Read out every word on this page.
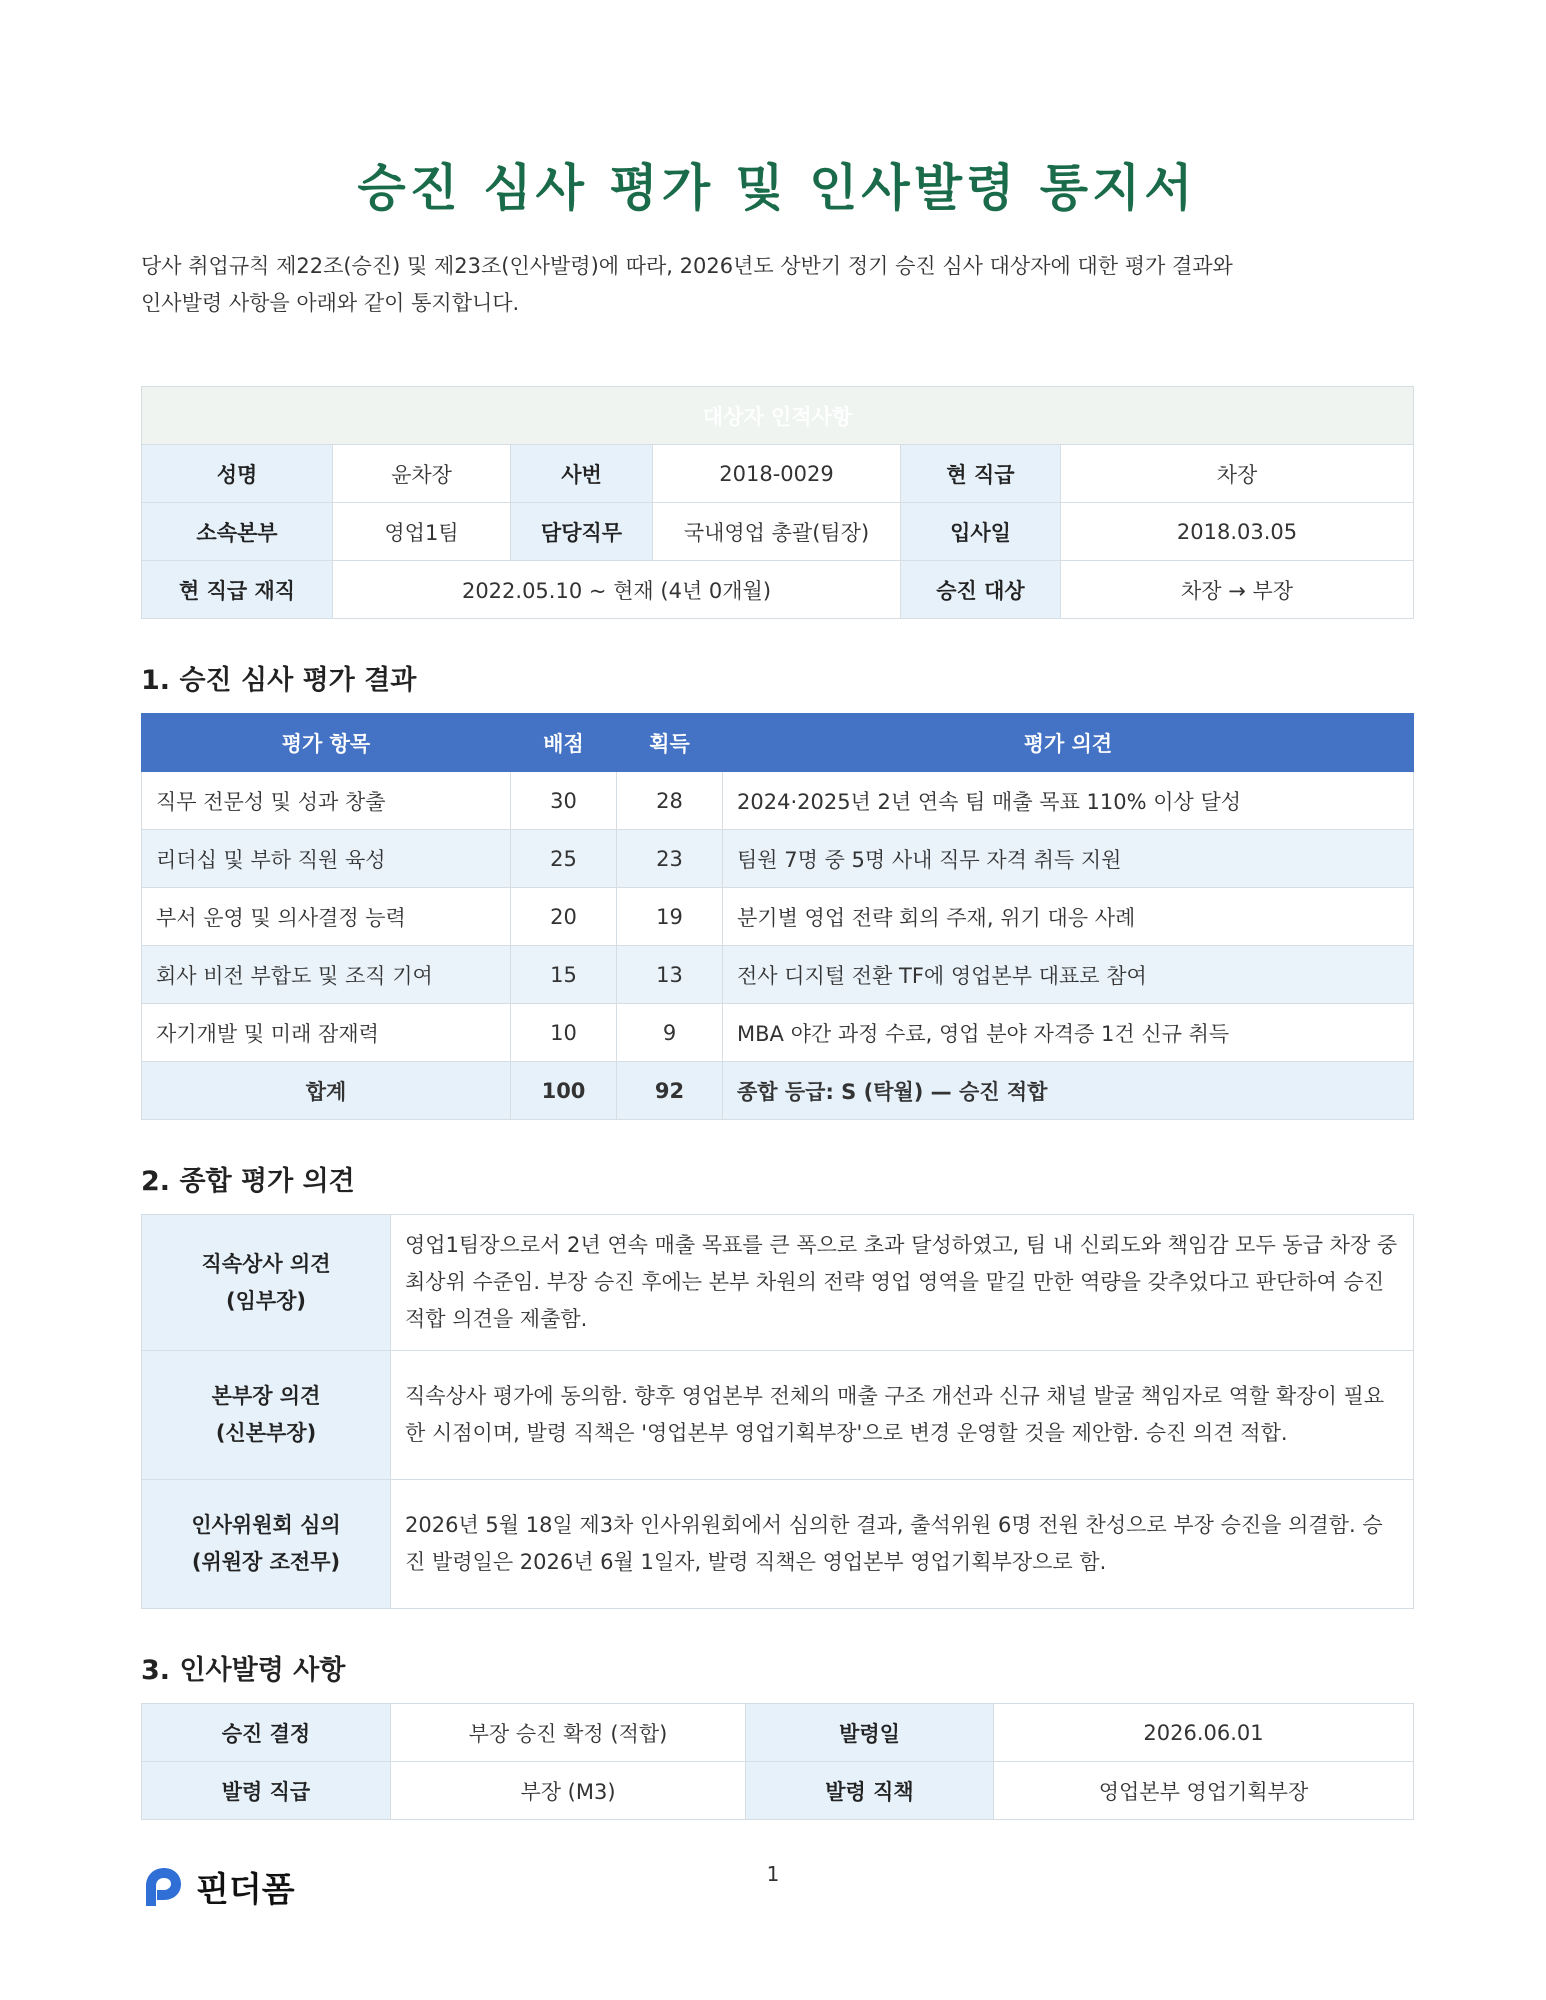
승진 심사 평가 및 인사발령 통지서
당사 취업규칙 제22조(승진) 및 제23조(인사발령)에 따라, 2026년도 상반기 정기 승진 심사 대상자에 대한 평가 결과와
인사발령 사항을 아래와 같이 통지합니다.
대상자 인적사항					
성명	윤차장	사번	2018-0029	현 직급	차장
소속본부	영업1팀	담당직무	국내영업 총괄(팀장)	입사일	2018.03.05
현 직급 재직	2022.05.10 ~ 현재 (4년 0개월)			승진 대상	차장 → 부장
1. 승진 심사 평가 결과
평가 항목	배점	획득	평가 의견
직무 전문성 및 성과 창출	30	28	2024·2025년 2년 연속 팀 매출 목표 110% 이상 달성
리더십 및 부하 직원 육성	25	23	팀원 7명 중 5명 사내 직무 자격 취득 지원
부서 운영 및 의사결정 능력	20	19	분기별 영업 전략 회의 주재, 위기 대응 사례
회사 비전 부합도 및 조직 기여	15	13	전사 디지털 전환 TF에 영업본부 대표로 참여
자기개발 및 미래 잠재력	10	9	MBA 야간 과정 수료, 영업 분야 자격증 1건 신규 취득
합계	100	92	종합 등급: S (탁월) — 승진 적합
2. 종합 평가 의견
직속상사 의견
(임부장)	영업1팀장으로서 2년 연속 매출 목표를 큰 폭으로 초과 달성하였고, 팀 내 신뢰도와 책임감 모두 동급 차장 중 최상위 수준임. 부장 승진 후에는 본부 차원의 전략 영업 영역을 맡길 만한 역량을 갖추었다고 판단하여 승진 적합 의견을 제출함.

본부장 의견
(신본부장)	직속상사 평가에 동의함. 향후 영업본부 전체의 매출 구조 개선과 신규 채널 발굴 책임자로 역할 확장이 필요한 시점이며, 발령 직책은 '영업본부 영업기획부장'으로 변경 운영할 것을 제안함. 승진 의견 적합.

인사위원회 심의
(위원장 조전무)	2026년 5월 18일 제3차 인사위원회에서 심의한 결과, 출석위원 6명 전원 찬성으로 부장 승진을 의결함. 승진 발령일은 2026년 6월 1일자, 발령 직책은 영업본부 영업기획부장으로 함.
3. 인사발령 사항
승진 결정	부장 승진 확정 (적합)	발령일	2026.06.01
발령 직급	부장 (M3)	발령 직책	영업본부 영업기획부장
핀더폼	1
